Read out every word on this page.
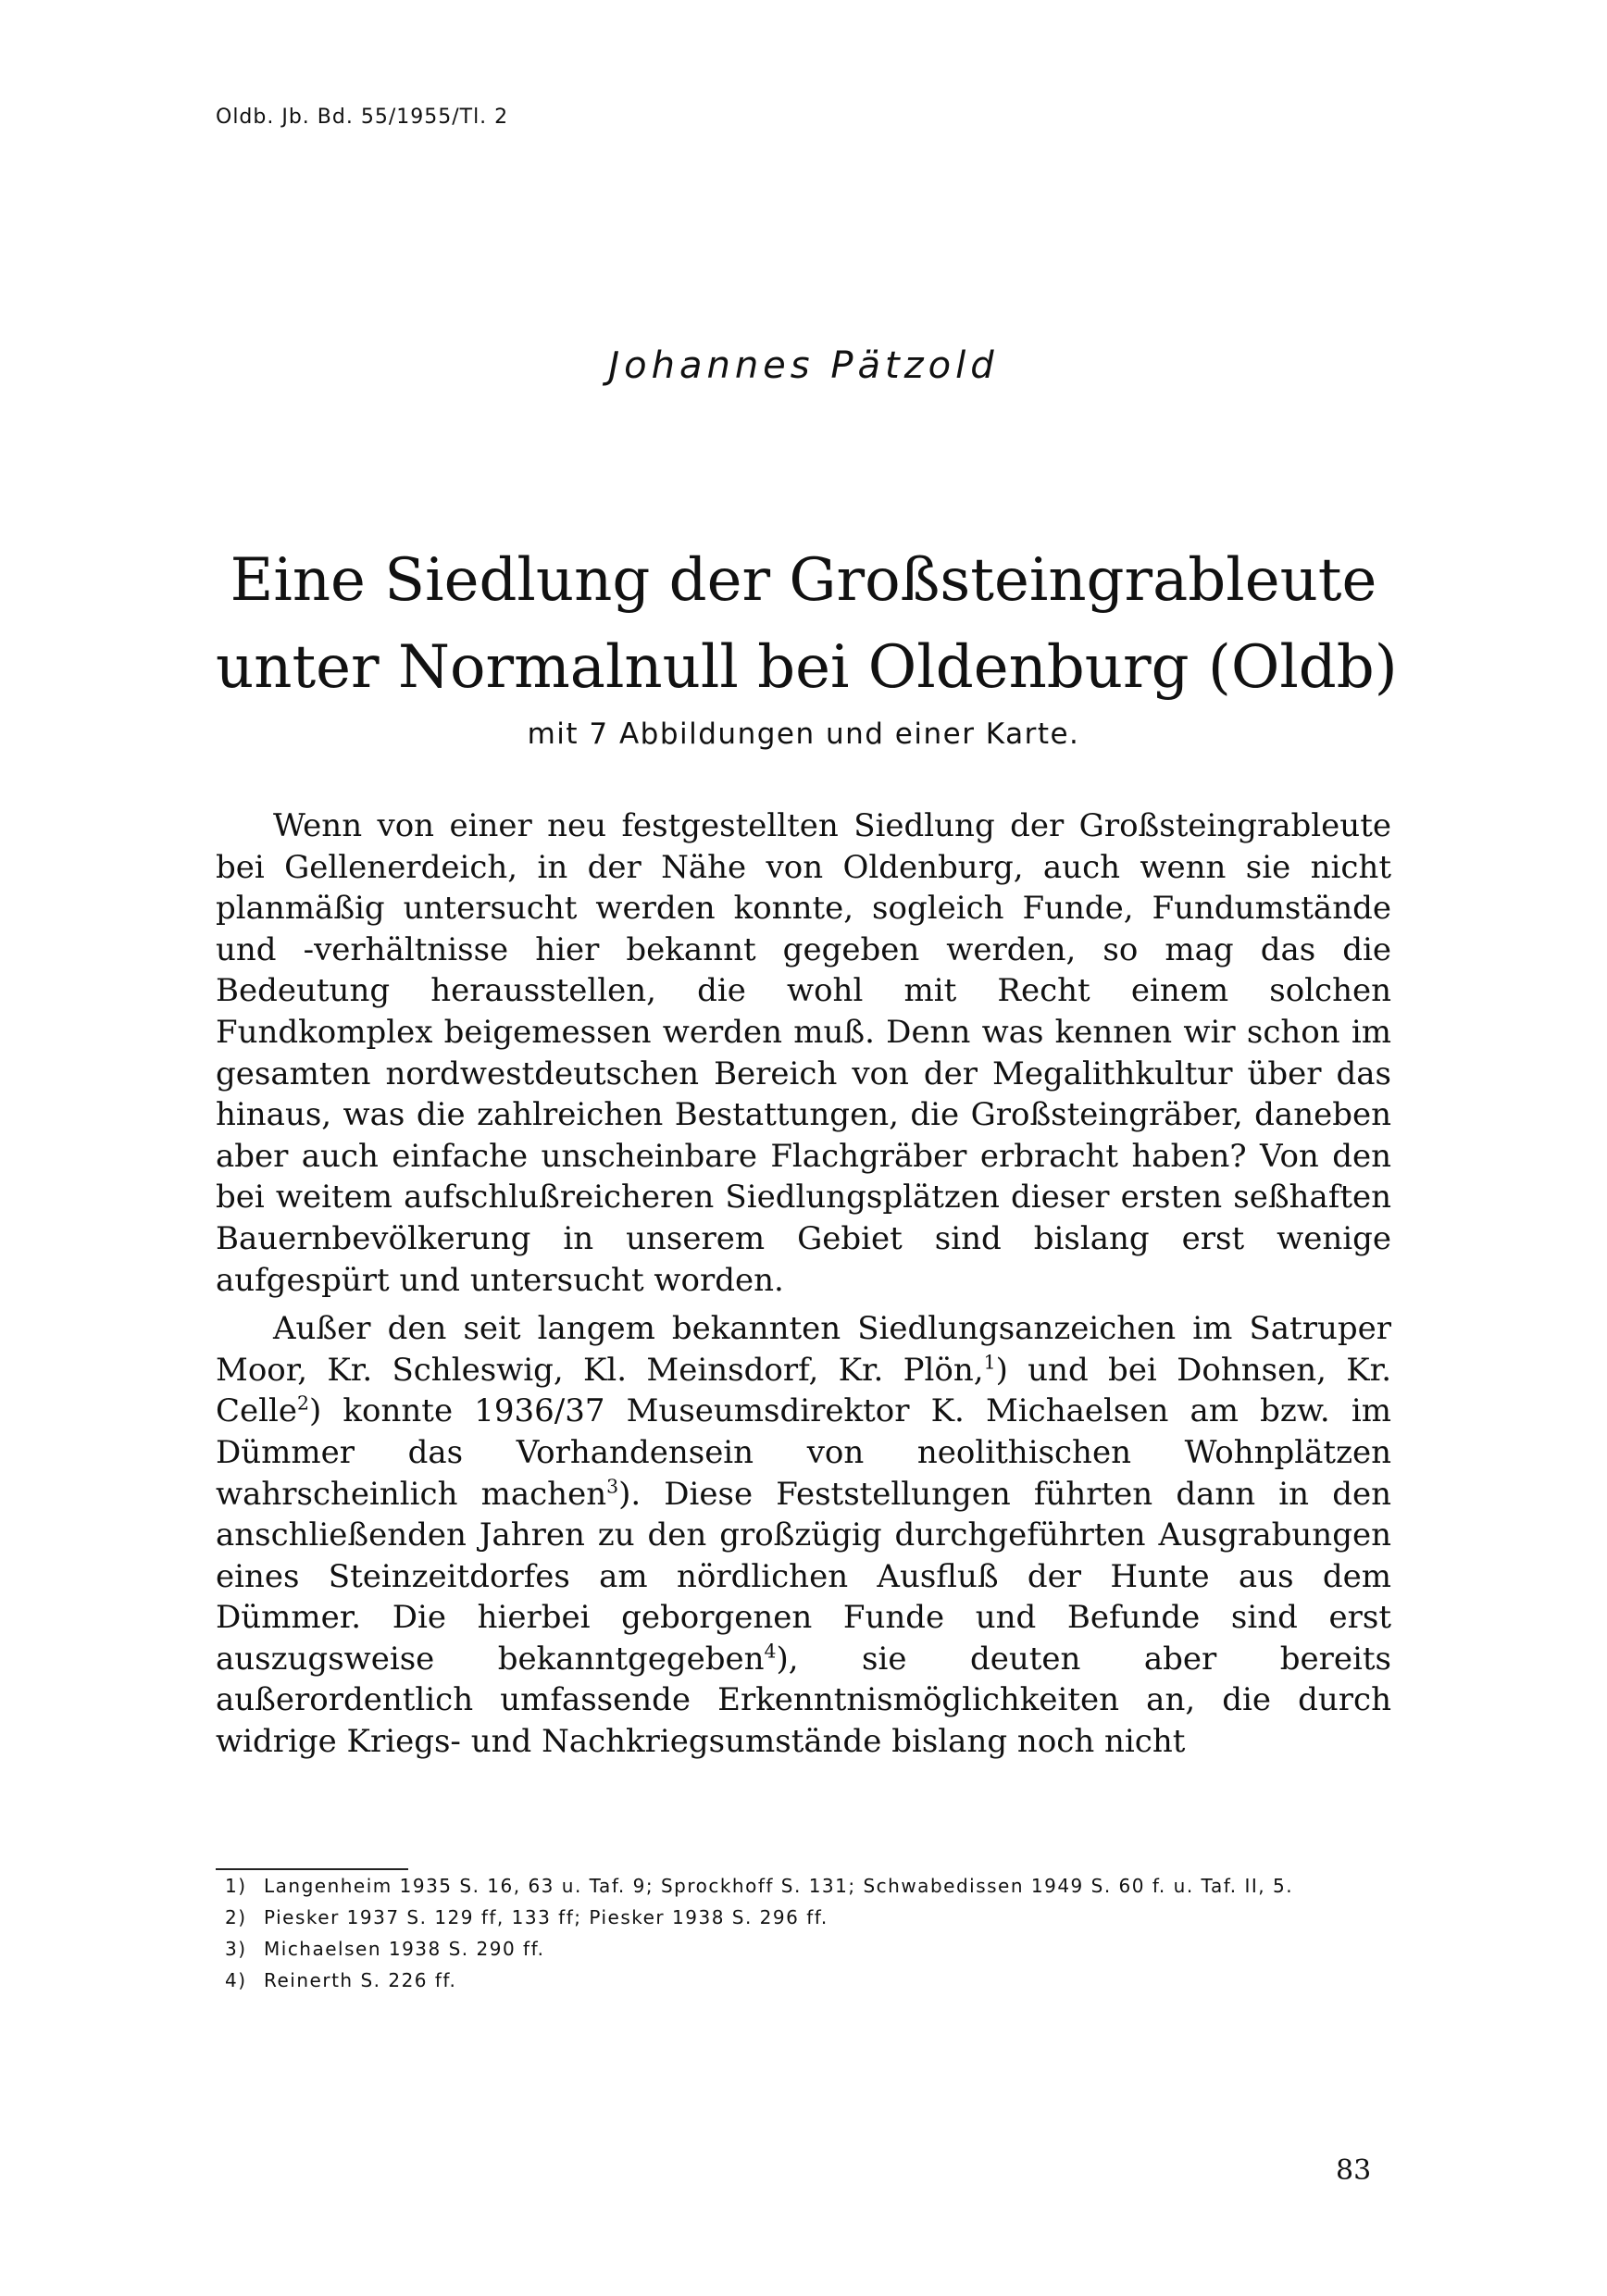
Oldb. Jb. Bd. 55/1955/Tl. 2
Johannes Pätzold
Eine Siedlung der Großsteingrableute
unter Normalnull bei Oldenburg (Oldb)
mit 7 Abbildungen und einer Karte.

Wenn von einer neu festgestellten Siedlung der Großsteingrableute bei Gellenerdeich, in der Nähe von Oldenburg, auch wenn sie nicht planmäßig untersucht werden konnte, sogleich Funde, Fundumstände und -verhältnisse hier bekannt gegeben werden, so mag das die Bedeutung herausstellen, die wohl mit Recht einem solchen Fundkomplex beigemessen werden muß. Denn was kennen wir schon im gesamten nordwestdeutschen Bereich von der Megalithkultur über das hinaus, was die zahlreichen Bestattungen, die Großsteingräber, daneben aber auch einfache unscheinbare Flachgräber erbracht haben? Von den bei weitem aufschlußreicheren Siedlungsplätzen dieser ersten seßhaften Bauernbevölkerung in unserem Gebiet sind bislang erst wenige aufgespürt und untersucht worden.

Außer den seit langem bekannten Siedlungsanzeichen im Satruper Moor, Kr. Schleswig, Kl. Meinsdorf, Kr. Plön,$^1$) und bei Dohnsen, Kr. Celle$^2$) konnte 1936/37 Museumsdirektor K. Michaelsen am bzw. im Dümmer das Vorhandensein von neolithischen Wohnplätzen wahrscheinlich machen$^3$). Diese Feststellungen führten dann in den anschließenden Jahren zu den großzügig durchgeführten Ausgrabungen eines Steinzeitdorfes am nördlichen Ausfluß der Hunte aus dem Dümmer. Die hierbei geborgenen Funde und Befunde sind erst auszugsweise bekanntgegeben$^4$), sie deuten aber bereits außerordentlich umfassende Erkenntnismöglichkeiten an, die durch widrige Kriegs- und Nachkriegsumstände bislang noch nicht

1) Langenheim 1935 S. 16, 63 u. Taf. 9; Sprockhoff S. 131; Schwabedissen 1949 S. 60 f. u. Taf. II, 5.
2) Piesker 1937 S. 129 ff, 133 ff; Piesker 1938 S. 296 ff.
3) Michaelsen 1938 S. 290 ff.
4) Reinerth S. 226 ff.
83
